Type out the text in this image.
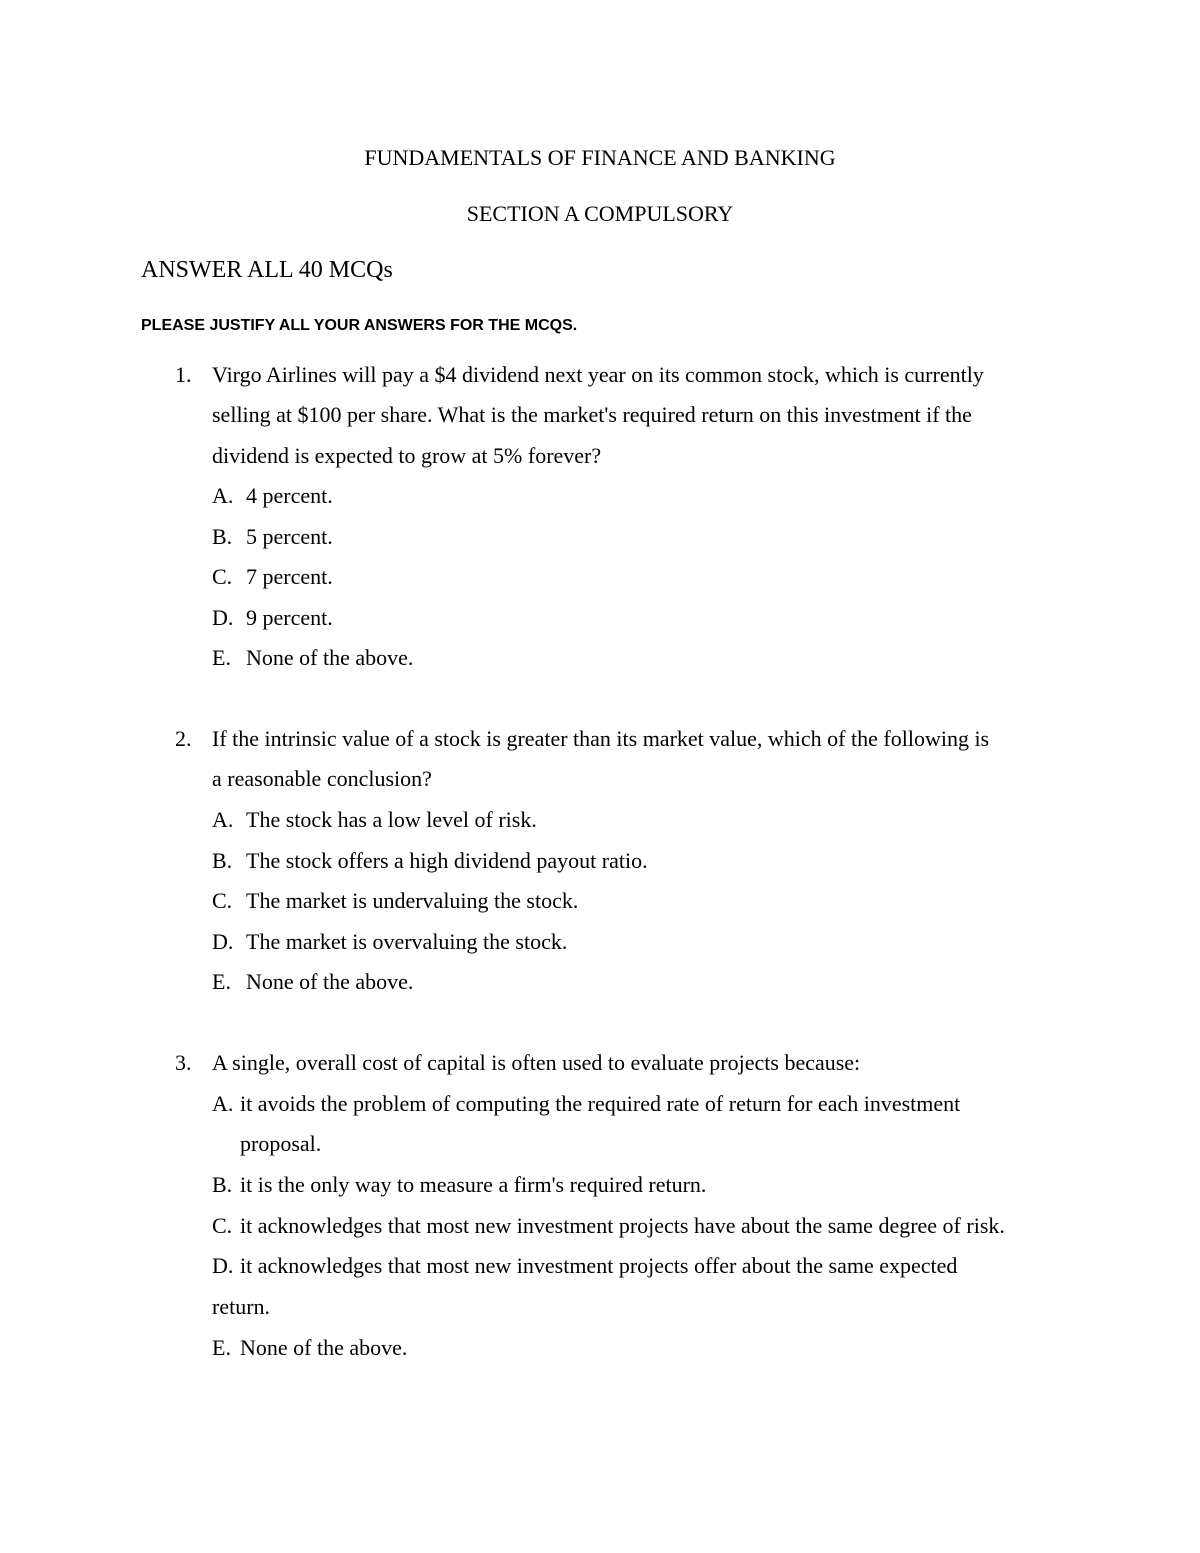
FUNDAMENTALS OF FINANCE AND BANKING
SECTION A COMPULSORY
ANSWER ALL 40 MCQs
PLEASE JUSTIFY ALL YOUR ANSWERS FOR THE MCQS.
1. Virgo Airlines will pay a $4 dividend next year on its common stock, which is currently
selling at $100 per share. What is the market's required return on this investment if the
dividend is expected to grow at 5% forever?
A. 4 percent.
B. 5 percent.
C. 7 percent.
D. 9 percent.
E. None of the above.
2. If the intrinsic value of a stock is greater than its market value, which of the following is
a reasonable conclusion?
A. The stock has a low level of risk.
B. The stock offers a high dividend payout ratio.
C. The market is undervaluing the stock.
D. The market is overvaluing the stock.
E. None of the above.
3. A single, overall cost of capital is often used to evaluate projects because:
A. it avoids the problem of computing the required rate of return for each investment
proposal.
B. it is the only way to measure a firm's required return.
C. it acknowledges that most new investment projects have about the same degree of risk.
D. it acknowledges that most new investment projects offer about the same expected
return.
E. None of the above.
